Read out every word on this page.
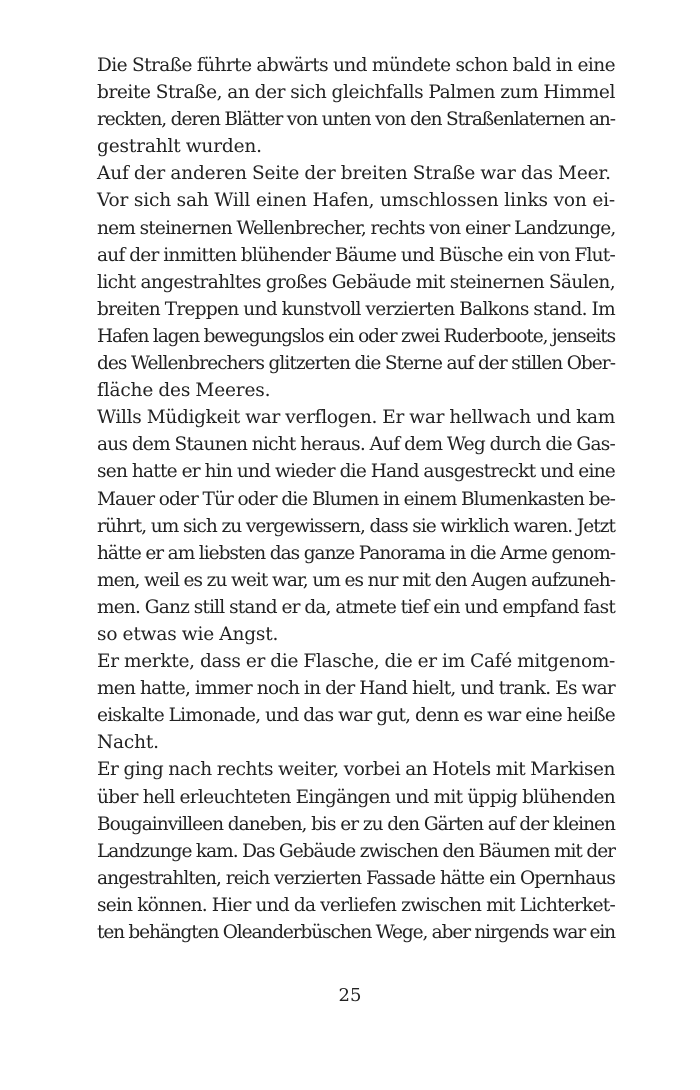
Die Straße führte abwärts und mündete schon bald in eine
breite Straße, an der sich gleichfalls Palmen zum Himmel
reckten, deren Blätter von unten von den Straßenlaternen an-
gestrahlt wurden.
Auf der anderen Seite der breiten Straße war das Meer.
Vor sich sah Will einen Hafen, umschlossen links von ei-
nem steinernen Wellenbrecher, rechts von einer Landzunge,
auf der inmitten blühender Bäume und Büsche ein von Flut-
licht angestrahltes großes Gebäude mit steinernen Säulen,
breiten Treppen und kunstvoll verzierten Balkons stand. Im
Hafen lagen bewegungslos ein oder zwei Ruderboote, jenseits
des Wellenbrechers glitzerten die Sterne auf der stillen Ober-
fläche des Meeres.
Wills Müdigkeit war verflogen. Er war hellwach und kam
aus dem Staunen nicht heraus. Auf dem Weg durch die Gas-
sen hatte er hin und wieder die Hand ausgestreckt und eine
Mauer oder Tür oder die Blumen in einem Blumenkasten be-
rührt, um sich zu vergewissern, dass sie wirklich waren. Jetzt
hätte er am liebsten das ganze Panorama in die Arme genom-
men, weil es zu weit war, um es nur mit den Augen aufzuneh-
men. Ganz still stand er da, atmete tief ein und empfand fast
so etwas wie Angst.
Er merkte, dass er die Flasche, die er im Café mitgenom-
men hatte, immer noch in der Hand hielt, und trank. Es war
eiskalte Limonade, und das war gut, denn es war eine heiße
Nacht.
Er ging nach rechts weiter, vorbei an Hotels mit Markisen
über hell erleuchteten Eingängen und mit üppig blühenden
Bougainvilleen daneben, bis er zu den Gärten auf der kleinen
Landzunge kam. Das Gebäude zwischen den Bäumen mit der
angestrahlten, reich verzierten Fassade hätte ein Opernhaus
sein können. Hier und da verliefen zwischen mit Lichterket-
ten behängten Oleanderbüschen Wege, aber nirgends war ein
25
